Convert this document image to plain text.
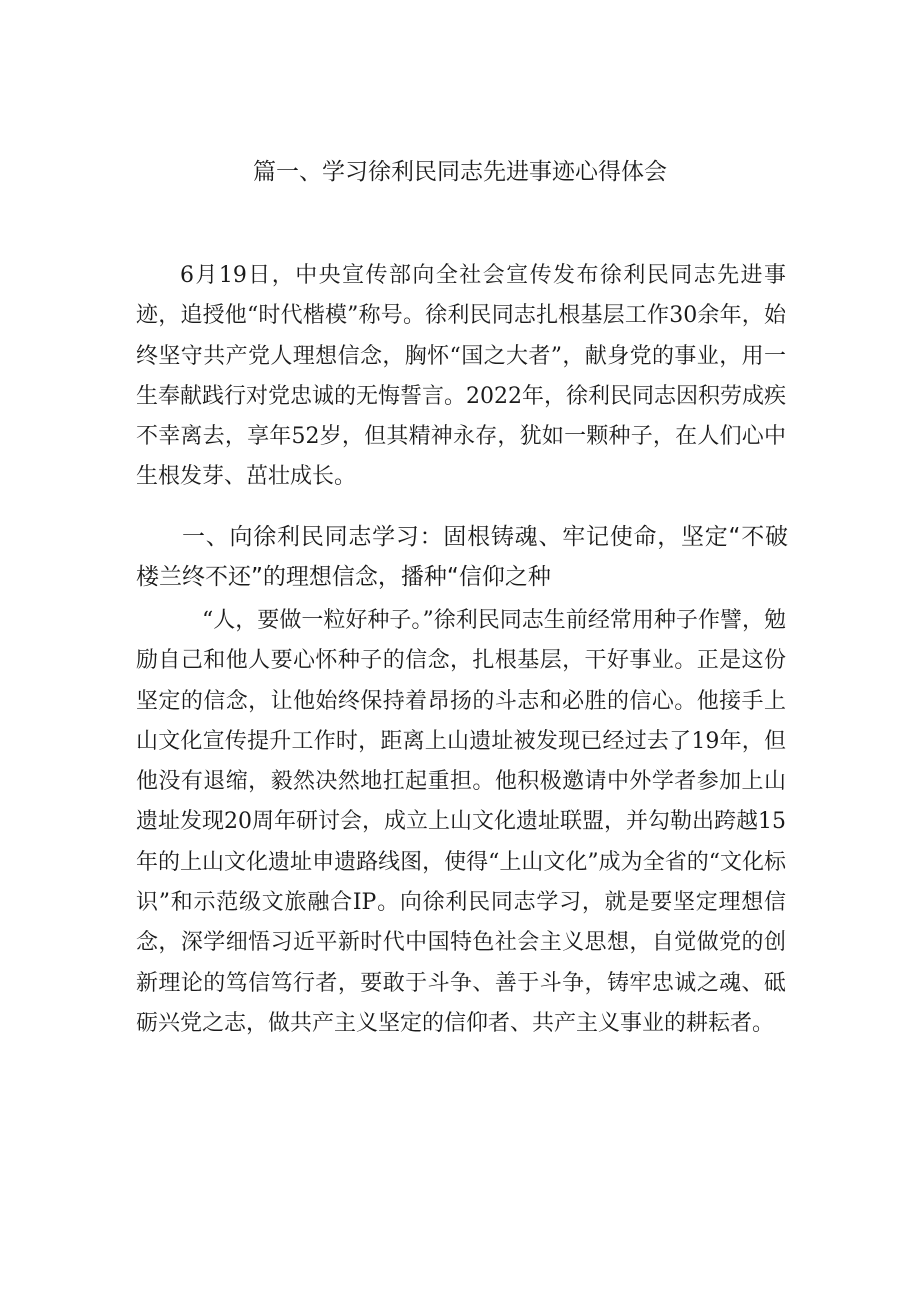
篇一、学习徐利民同志先进事迹心得体会

6月19日，中央宣传部向全社会宣传发布徐利民同志先进事迹，追授他“时代楷模”称号。徐利民同志扎根基层工作30余年，始终坚守共产党人理想信念，胸怀“国之大者”，献身党的事业，用一生奉献践行对党忠诚的无悔誓言。2022年，徐利民同志因积劳成疾不幸离去，享年52岁，但其精神永存，犹如一颗种子，在人们心中生根发芽、茁壮成长。

一、向徐利民同志学习：固根铸魂、牢记使命，坚定“不破楼兰终不还”的理想信念，播种“信仰之种

“人，要做一粒好种子。”徐利民同志生前经常用种子作譬，勉励自己和他人要心怀种子的信念，扎根基层，干好事业。正是这份坚定的信念，让他始终保持着昂扬的斗志和必胜的信心。他接手上山文化宣传提升工作时，距离上山遗址被发现已经过去了19年，但他没有退缩，毅然决然地扛起重担。他积极邀请中外学者参加上山遗址发现20周年研讨会，成立上山文化遗址联盟，并勾勒出跨越15年的上山文化遗址申遗路线图，使得“上山文化”成为全省的“文化标识”和示范级文旅融合IP。向徐利民同志学习，就是要坚定理想信念，深学细悟习近平新时代中国特色社会主义思想，自觉做党的创新理论的笃信笃行者，要敢于斗争、善于斗争，铸牢忠诚之魂、砥砺兴党之志，做共产主义坚定的信仰者、共产主义事业的耕耘者。
